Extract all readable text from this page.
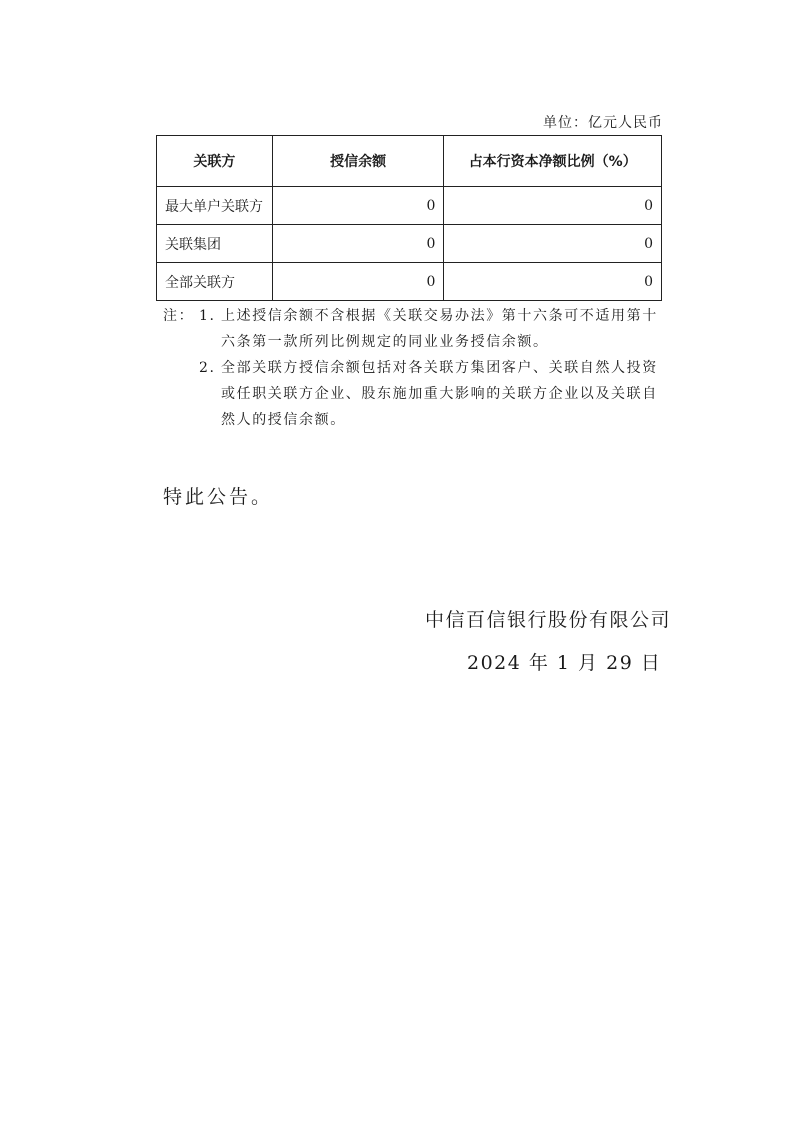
单位：亿元人民币
关联方	授信余额	占本行资本净额比例（%）
最大单户关联方	0	0
关联集团	0	0
全部关联方	0	0
注： 1. 上述授信余额不含根据《关联交易办法》第十六条可不适用第十六条第一款所列比例规定的同业业务授信余额。
2. 全部关联方授信余额包括对各关联方集团客户、关联自然人投资或任职关联方企业、股东施加重大影响的关联方企业以及关联自然人的授信余额。
特此公告。
中信百信银行股份有限公司
2024 年 1 月 29 日
